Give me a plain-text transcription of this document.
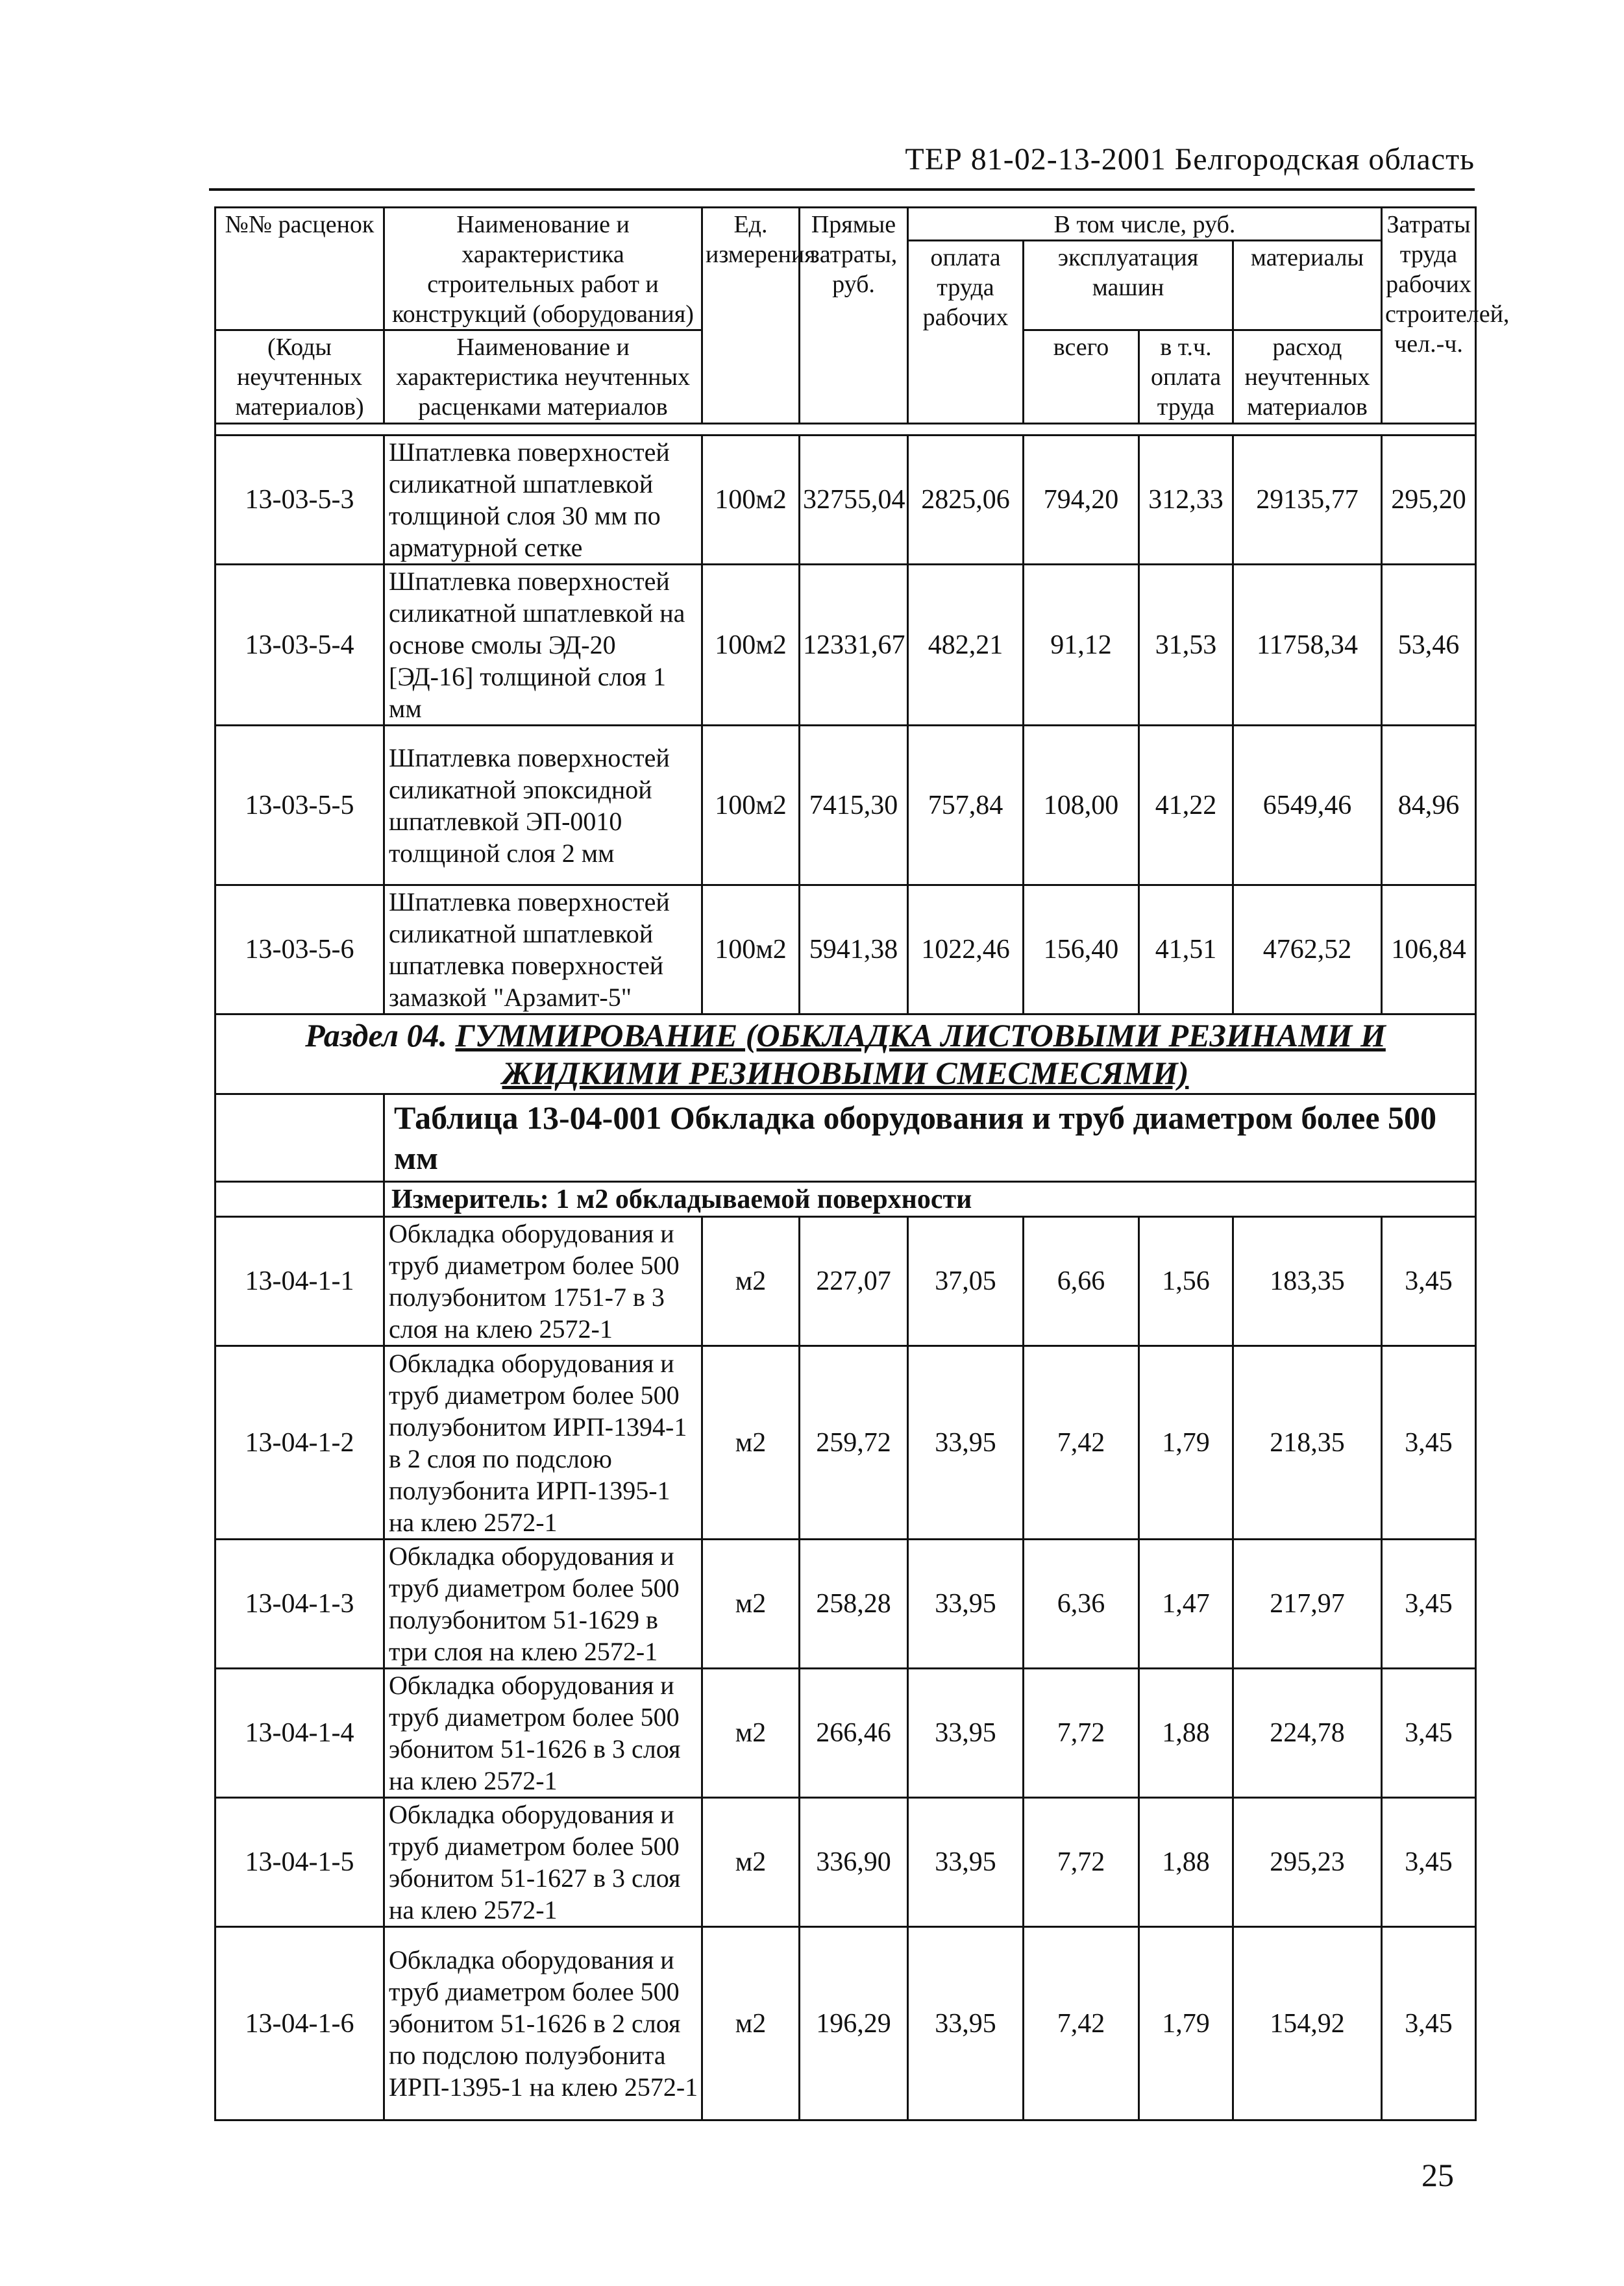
ТЕР 81-02-13-2001 Белгородская область
№№ расценок	Наименование и характеристика строительных работ и конструкций (оборудования)	Ед. измерения	Прямые затраты, руб.	В том числе, руб.				Затраты труда рабочих строителей, чел.-ч.
				оплата труда рабочих	эксплуатация машин		материалы	

(Коды неучтенных материалов)	Наименование и характеристика неучтенных расценками материалов				всего	в т.ч. оплата труда	расход неучтенных материалов	

13-03-5-3	Шпатлевка поверхностей силикатной шпатлевкой толщиной слоя 30 мм по арматурной сетке	100м2	32755,04	2825,06	794,20	312,33	29135,77	295,20
13-03-5-4	Шпатлевка поверхностей силикатной шпатлевкой на основе смолы ЭД-20 [ЭД-16] толщиной слоя 1 мм	100м2	12331,67	482,21	91,12	31,53	11758,34	53,46
13-03-5-5	Шпатлевка поверхностей силикатной эпоксидной шпатлевкой ЭП-0010 толщиной слоя 2 мм	100м2	7415,30	757,84	108,00	41,22	6549,46	84,96
13-03-5-6	Шпатлевка поверхностей силикатной шпатлевкой шпатлевка поверхностей замазкой "Арзамит-5"	100м2	5941,38	1022,46	156,40	41,51	4762,52	106,84
Раздел 04. ГУММИРОВАНИЕ (ОБКЛАДКА ЛИСТОВЫМИ РЕЗИНАМИ И ЖИДКИМИ РЕЗИНОВЫМИ СМЕСМЕСЯМИ)								
	Таблица 13-04-001 Обкладка оборудования и труб диаметром более 500 мм							
	Измеритель: 1 м2 обкладываемой поверхности							
13-04-1-1	Обкладка оборудования и труб диаметром более 500 полуэбонитом 1751-7 в 3 слоя на клею 2572-1	м2	227,07	37,05	6,66	1,56	183,35	3,45
13-04-1-2	Обкладка оборудования и труб диаметром более 500 полуэбонитом ИРП-1394-1 в 2 слоя по подслою полуэбонита ИРП-1395-1 на клею 2572-1	м2	259,72	33,95	7,42	1,79	218,35	3,45
13-04-1-3	Обкладка оборудования и труб диаметром более 500 полуэбонитом 51-1629 в три слоя на клею 2572-1	м2	258,28	33,95	6,36	1,47	217,97	3,45
13-04-1-4	Обкладка оборудования и труб диаметром более 500 эбонитом 51-1626 в 3 слоя на клею 2572-1	м2	266,46	33,95	7,72	1,88	224,78	3,45
13-04-1-5	Обкладка оборудования и труб диаметром более 500 эбонитом 51-1627 в 3 слоя на клею 2572-1	м2	336,90	33,95	7,72	1,88	295,23	3,45
13-04-1-6	Обкладка оборудования и труб диаметром более 500 эбонитом 51-1626 в 2 слоя по подслою полуэбонита ИРП-1395-1 на клею 2572-1	м2	196,29	33,95	7,42	1,79	154,92	3,45
25
